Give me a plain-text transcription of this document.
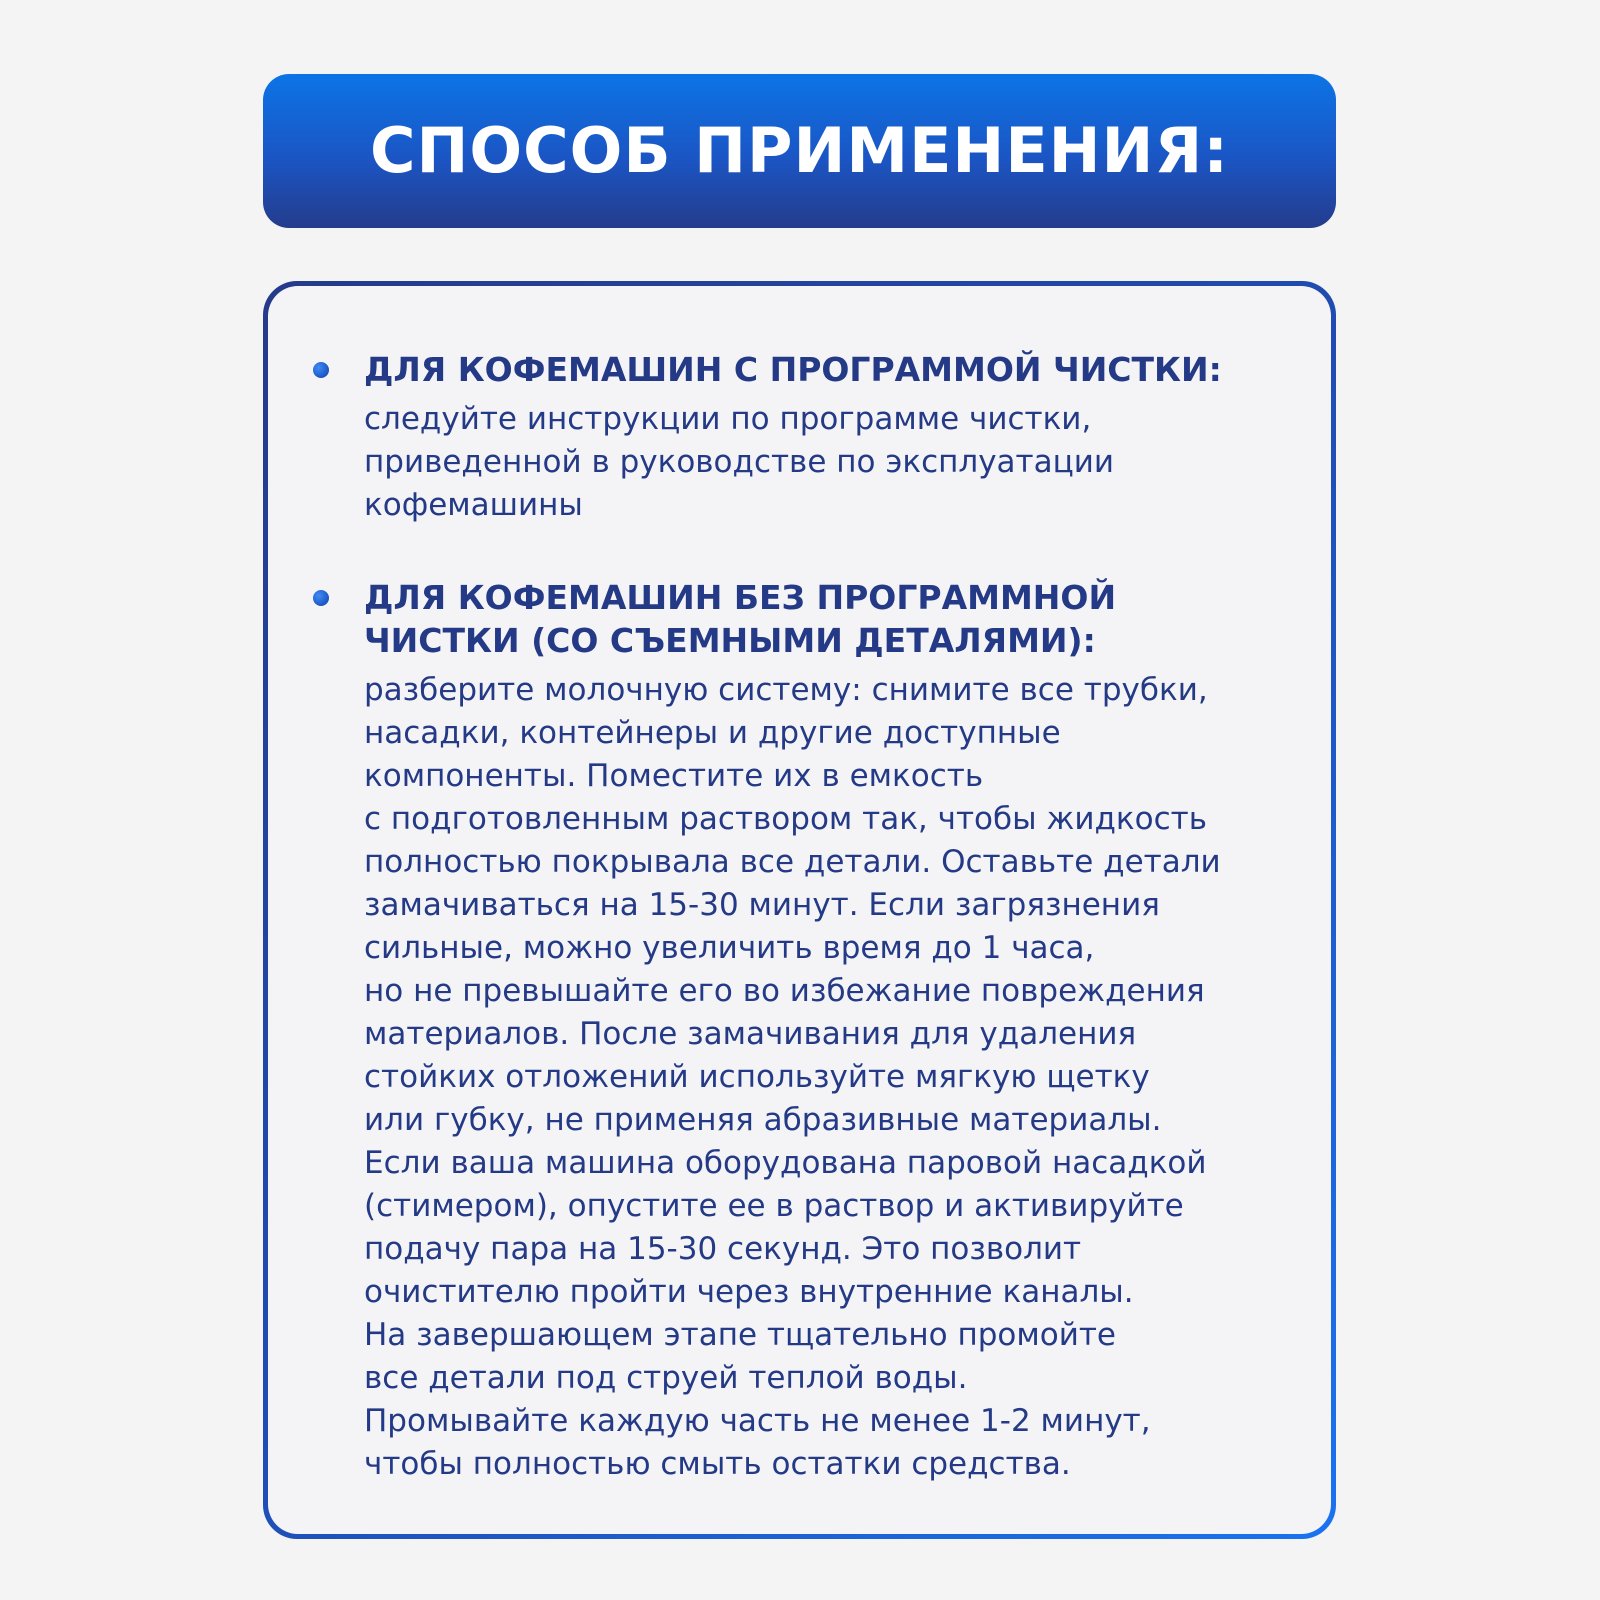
СПОСОБ ПРИМЕНЕНИЯ:
ДЛЯ КОФЕМАШИН С ПРОГРАММОЙ ЧИСТКИ:

следуйте инструкции по программе чистки,
приведенной в руководстве по эксплуатации
кофемашины

ДЛЯ КОФЕМАШИН БЕЗ ПРОГРАММНОЙ
ЧИСТКИ (СО СЪЕМНЫМИ ДЕТАЛЯМИ):

разберите молочную систему: снимите все трубки,
насадки, контейнеры и другие доступные
компоненты. Поместите их в емкость
с подготовленным раствором так, чтобы жидкость
полностью покрывала все детали. Оставьте детали
замачиваться на 15-30 минут. Если загрязнения
сильные, можно увеличить время до 1 часа,
но не превышайте его во избежание повреждения
материалов. После замачивания для удаления
стойких отложений используйте мягкую щетку
или губку, не применяя абразивные материалы.
Если ваша машина оборудована паровой насадкой
(стимером), опустите ее в раствор и активируйте
подачу пара на 15-30 секунд. Это позволит
очистителю пройти через внутренние каналы.
На завершающем этапе тщательно промойте
все детали под струей теплой воды.
Промывайте каждую часть не менее 1-2 минут,
чтобы полностью смыть остатки средства.
